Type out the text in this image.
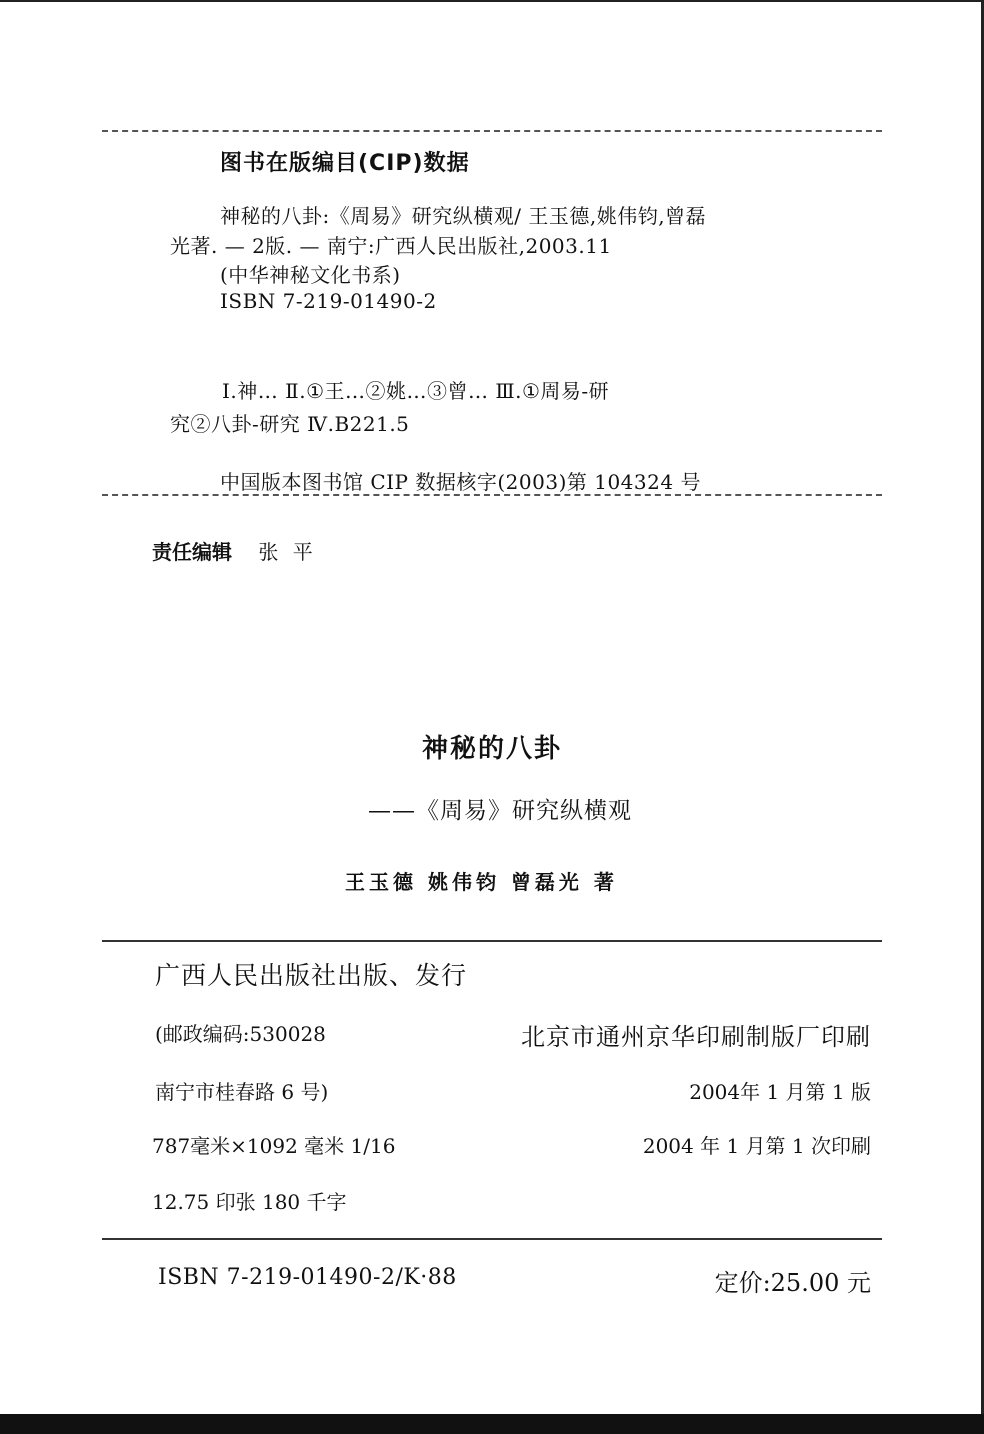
图书在版编目(CIP)数据
神秘的八卦:《周易》研究纵横观/ 王玉德,姚伟钧,曾磊
光著. — 2版. — 南宁:广西人民出版社,2003.11
(中华神秘文化书系)
ISBN 7-219-01490-2
Ⅰ.神… Ⅱ.①王…②姚…③曾… Ⅲ.①周易-研
究②八卦-研究 Ⅳ.B221.5
中国版本图书馆 CIP 数据核字(2003)第 104324 号
责任编辑 张 平
神秘的八卦
——《周易》研究纵横观
王玉德 姚伟钧 曾磊光 著
广西人民出版社出版、发行
(邮政编码:530028	北京市通州京华印刷制版厂印刷
南宁市桂春路 6 号)	2004年 1 月第 1 版
787毫米×1092 毫米 1/16	2004 年 1 月第 1 次印刷
12.75 印张 180 千字
ISBN 7-219-01490-2/K·88	定价:25.00 元
